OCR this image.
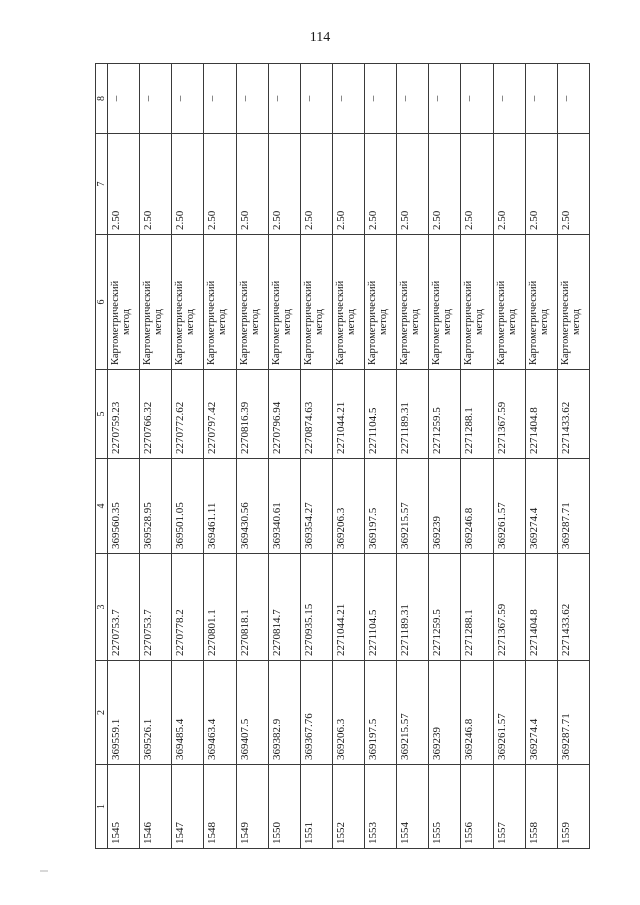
114
1	2	3	4	5	6	7	8
1545	369559.1	2270753.7	369560.35	2270759.23	Картометрический метод	2.50	–
1546	369526.1	2270753.7	369528.95	2270766.32	Картометрический метод	2.50	–
1547	369485.4	2270778.2	369501.05	2270772.62	Картометрический метод	2.50	–
1548	369463.4	2270801.1	369461.11	2270797.42	Картометрический метод	2.50	–
1549	369407.5	2270818.1	369430.56	2270816.39	Картометрический метод	2.50	–
1550	369382.9	2270814.7	369340.61	2270796.94	Картометрический метод	2.50	–
1551	369367.76	2270935.15	369354.27	2270874.63	Картометрический метод	2.50	–
1552	369206.3	2271044.21	369206.3	2271044.21	Картометрический метод	2.50	–
1553	369197.5	2271104.5	369197.5	2271104.5	Картометрический метод	2.50	–
1554	369215.57	2271189.31	369215.57	2271189.31	Картометрический метод	2.50	–
1555	369239	2271259.5	369239	2271259.5	Картометрический метод	2.50	–
1556	369246.8	2271288.1	369246.8	2271288.1	Картометрический метод	2.50	–
1557	369261.57	2271367.59	369261.57	2271367.59	Картометрический метод	2.50	–
1558	369274.4	2271404.8	369274.4	2271404.8	Картометрический метод	2.50	–
1559	369287.71	2271433.62	369287.71	2271433.62	Картометрический метод	2.50	–
